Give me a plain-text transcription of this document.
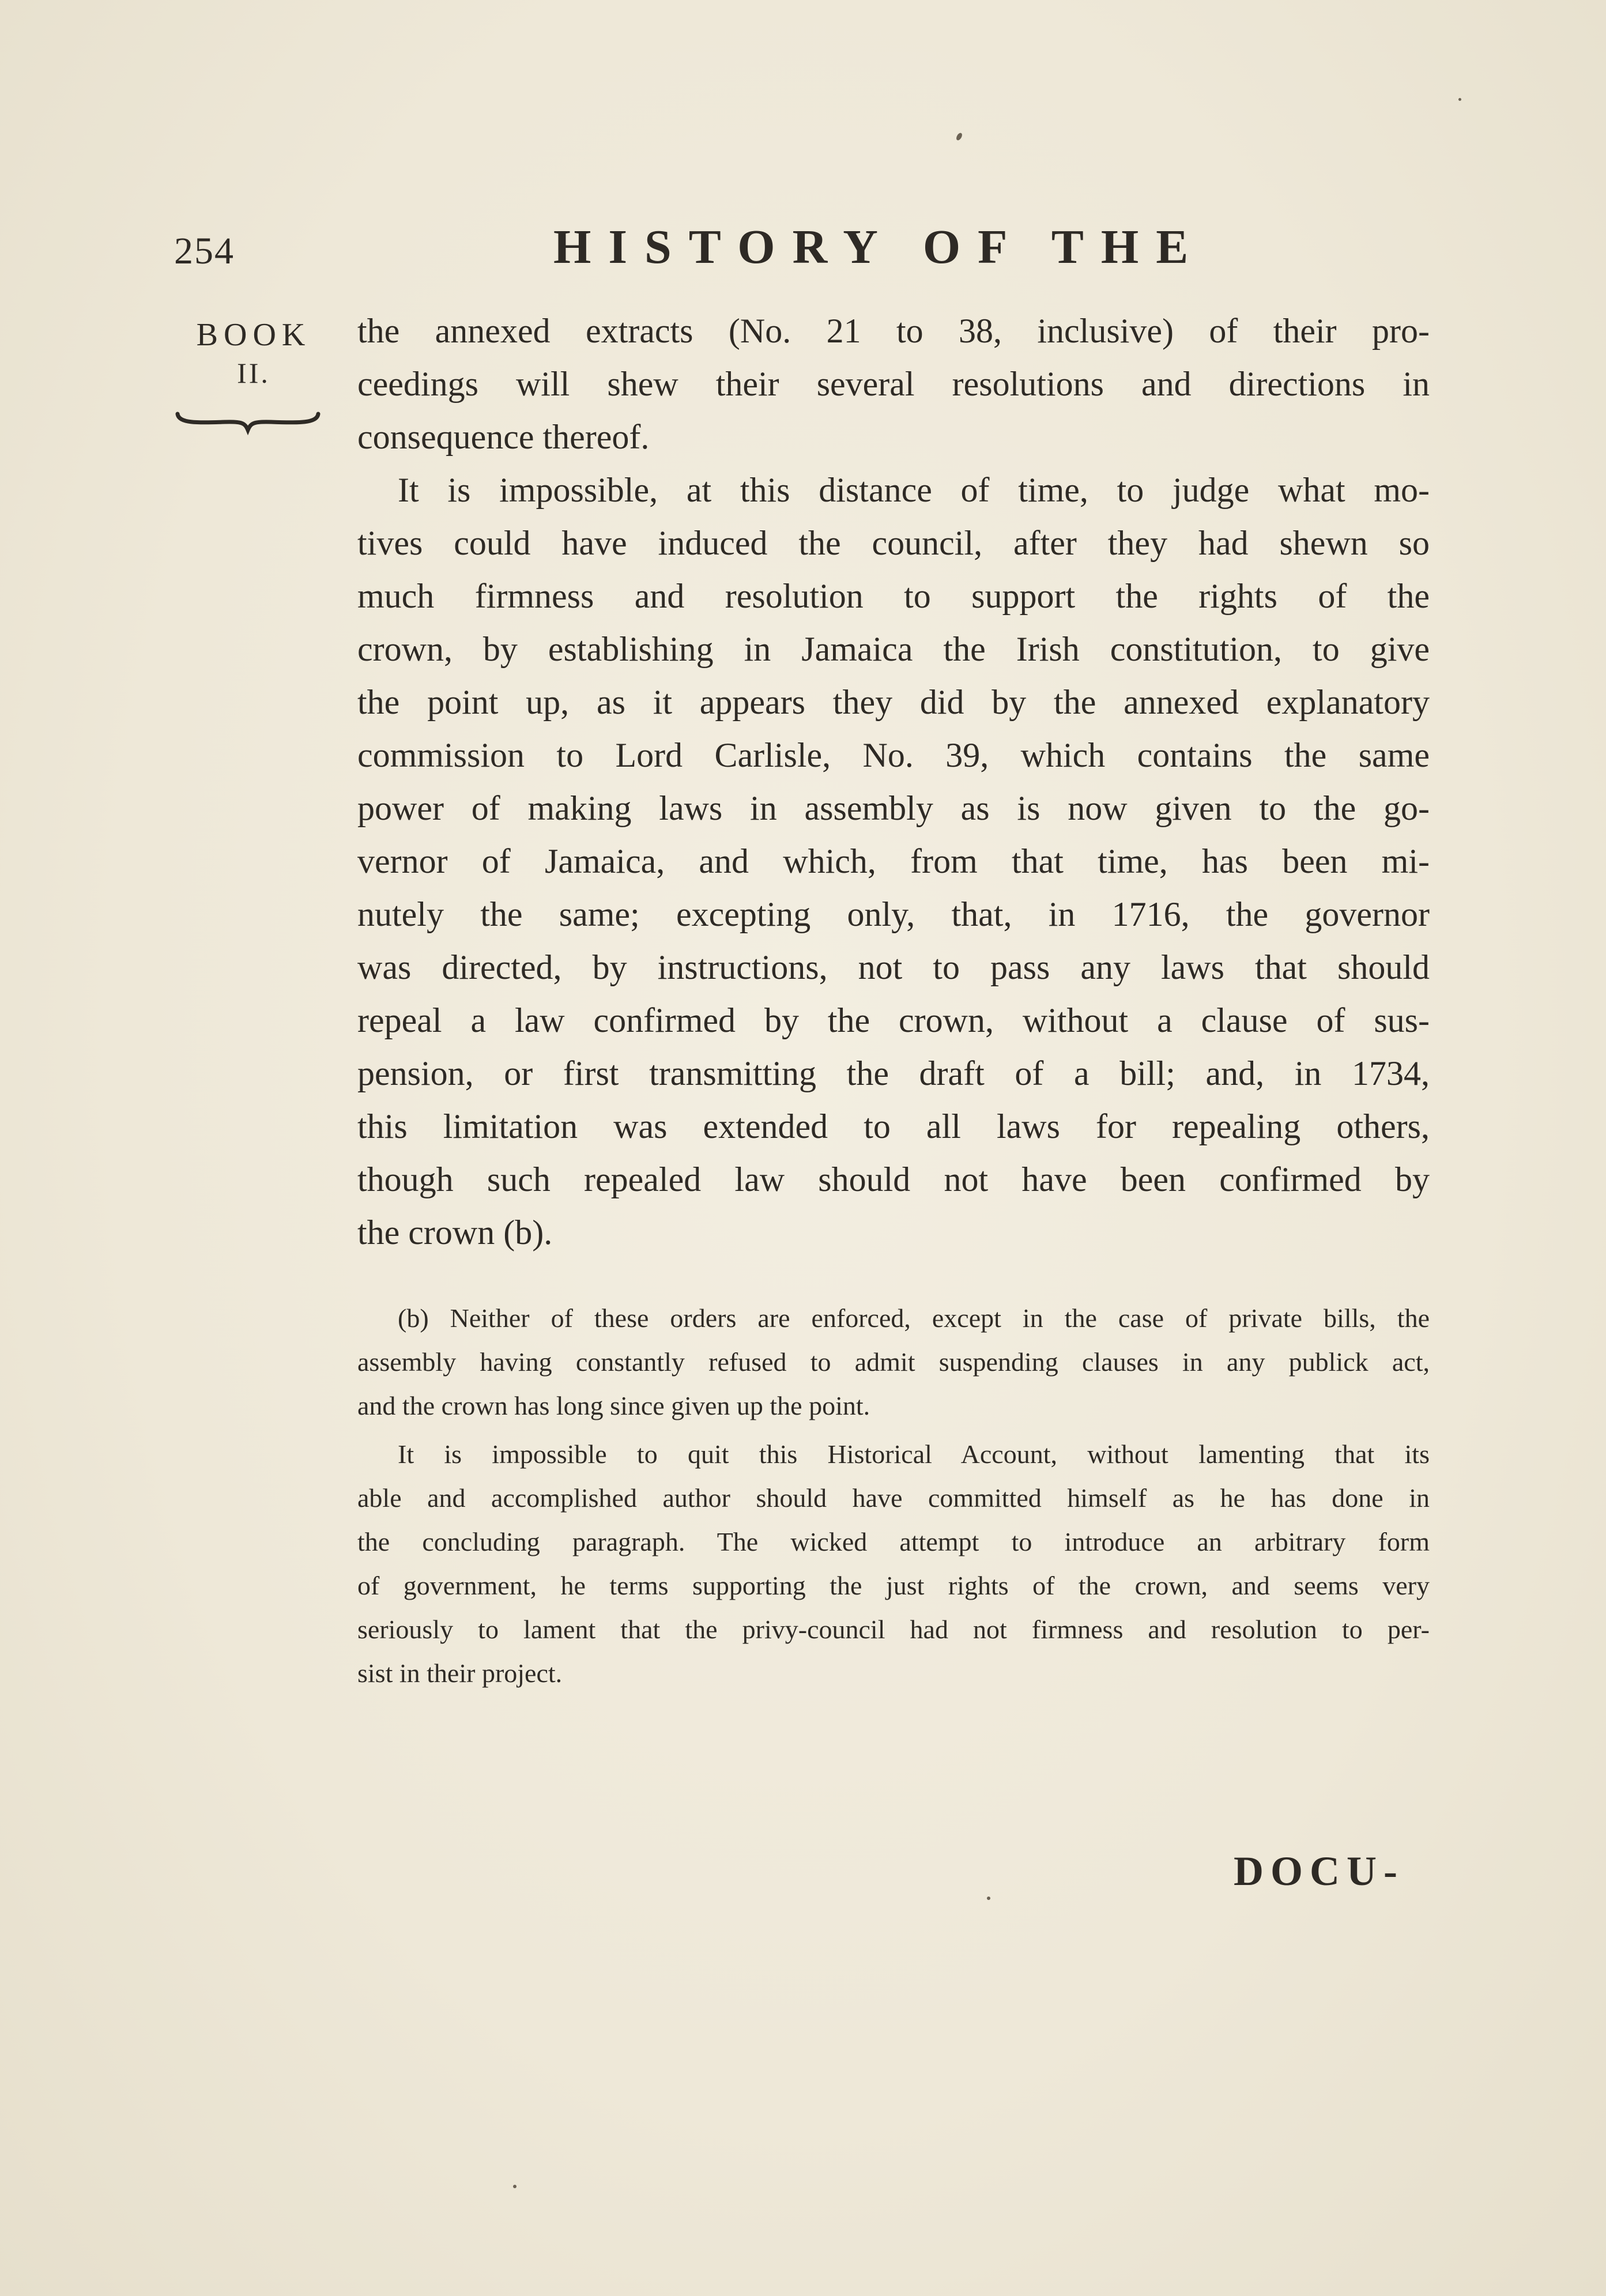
254	HISTORY OF THE
BOOK
II.
the annexed extracts (No. 21 to 38, inclusive) of their pro-
ceedings will shew their several resolutions and directions in
consequence thereof.
It is impossible, at this distance of time, to judge what mo-
tives could have induced the council, after they had shewn so
much firmness and resolution to support the rights of the
crown, by establishing in Jamaica the Irish constitution, to give
the point up, as it appears they did by the annexed explanatory
commission to Lord Carlisle, No. 39, which contains the same
power of making laws in assembly as is now given to the go-
vernor of Jamaica, and which, from that time, has been mi-
nutely the same; excepting only, that, in 1716, the governor
was directed, by instructions, not to pass any laws that should
repeal a law confirmed by the crown, without a clause of sus-
pension, or first transmitting the draft of a bill; and, in 1734,
this limitation was extended to all laws for repealing others,
though such repealed law should not have been confirmed by
the crown (b).
(b) Neither of these orders are enforced, except in the case of private bills, the
assembly having constantly refused to admit suspending clauses in any publick act,
and the crown has long since given up the point.
It is impossible to quit this Historical Account, without lamenting that its
able and accomplished author should have committed himself as he has done in
the concluding paragraph. The wicked attempt to introduce an arbitrary form
of government, he terms supporting the just rights of the crown, and seems very
seriously to lament that the privy-council had not firmness and resolution to per-
sist in their project.
DOCU-
